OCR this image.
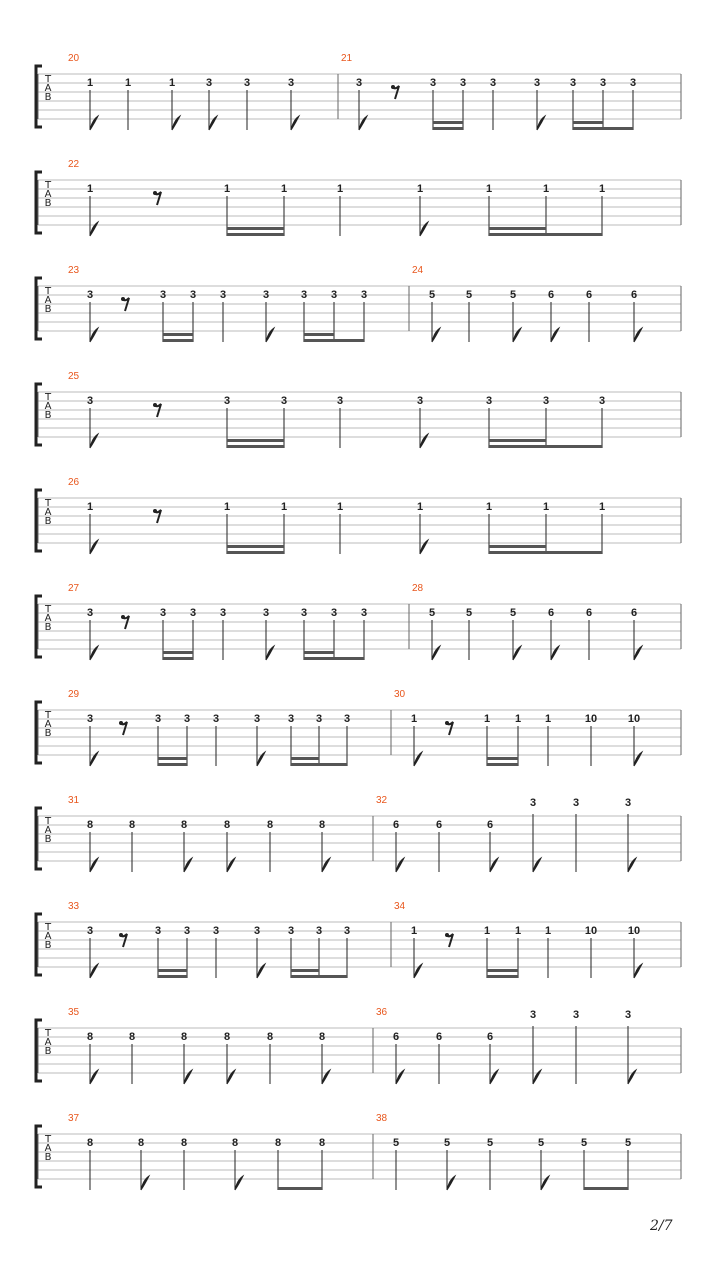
T
A
B
20
1	1	1	3	3	3
21
3	3 3 3	3	3 3 3
T
A
B
22
1	1	1	1	1	1	1	1
T
A
B
23
3	3 3 3	3	3 3 3
24
5	5	5	6	6	6
T
A
B
25
3	3	3	3	3	3	3	3
T
A
B
26
1	1	1	1	1	1	1	1
T
A
B
27
3	3 3 3	3	3 3 3
28
5	5	5	6	6	6
T
A
B
29
3	3 3 3	3	3 3 3
30
1	1 1 1	10	10
T
A
B
31
8	8	8	8	8	8
32
6	6	6
3	3	3
T
A
B
33
3	3 3 3	3	3 3 3
34
1	1 1 1	10	10
T
A
B
35
8	8	8	8	8	8
36
6	6	6
3	3	3
T
A
B
37
8	8	8	8	8	8
38
5	5	5	5	5	5
2/7
